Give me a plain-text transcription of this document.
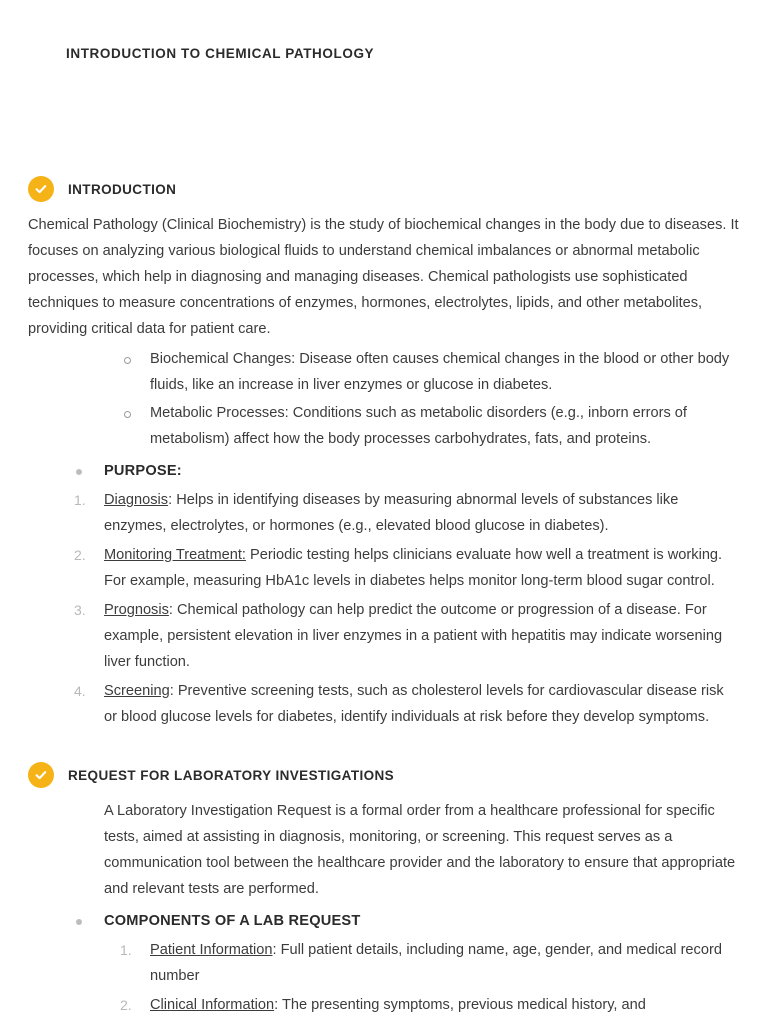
INTRODUCTION TO CHEMICAL PATHOLOGY
INTRODUCTION

Chemical Pathology (Clinical Biochemistry) is the study of biochemical changes in the body due to diseases. It focuses on analyzing various biological fluids to understand chemical imbalances or abnormal metabolic processes, which help in diagnosing and managing diseases. Chemical pathologists use sophisticated techniques to measure concentrations of enzymes, hormones, electrolytes, lipids, and other metabolites, providing critical data for patient care.

Biochemical Changes: Disease often causes chemical changes in the blood or other body fluids, like an increase in liver enzymes or glucose in diabetes.
Metabolic Processes: Conditions such as metabolic disorders (e.g., inborn errors of metabolism) affect how the body processes carbohydrates, fats, and proteins.
PURPOSE:
1. Diagnosis: Helps in identifying diseases by measuring abnormal levels of substances like enzymes, electrolytes, or hormones (e.g., elevated blood glucose in diabetes).
2. Monitoring Treatment: Periodic testing helps clinicians evaluate how well a treatment is working. For example, measuring HbA1c levels in diabetes helps monitor long-term blood sugar control.
3. Prognosis: Chemical pathology can help predict the outcome or progression of a disease. For example, persistent elevation in liver enzymes in a patient with hepatitis may indicate worsening liver function.
4. Screening: Preventive screening tests, such as cholesterol levels for cardiovascular disease risk or blood glucose levels for diabetes, identify individuals at risk before they develop symptoms.
REQUEST FOR LABORATORY INVESTIGATIONS

A Laboratory Investigation Request is a formal order from a healthcare professional for specific tests, aimed at assisting in diagnosis, monitoring, or screening. This request serves as a communication tool between the healthcare provider and the laboratory to ensure that appropriate and relevant tests are performed.

COMPONENTS OF A LAB REQUEST
1. Patient Information: Full patient details, including name, age, gender, and medical record number
2. Clinical Information: The presenting symptoms, previous medical history, and
